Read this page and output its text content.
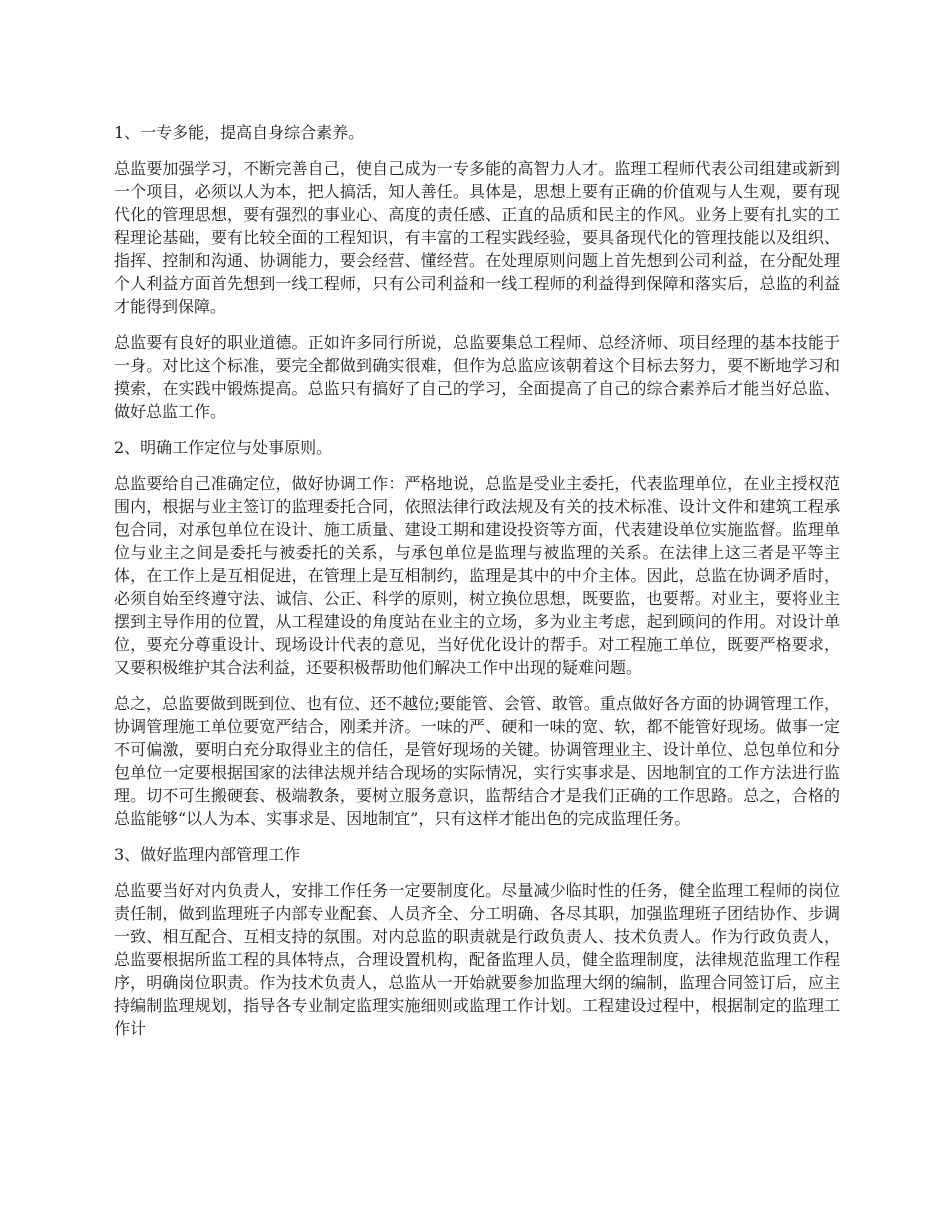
1、一专多能，提高自身综合素养。

总监要加强学习，不断完善自己，使自己成为一专多能的高智力人才。监理工程师代表公司组建或新到一个项目，必须以人为本，把人搞活，知人善任。具体是，思想上要有正确的价值观与人生观，要有现代化的管理思想，要有强烈的事业心、高度的责任感、正直的品质和民主的作风。业务上要有扎实的工程理论基础，要有比较全面的工程知识，有丰富的工程实践经验，要具备现代化的管理技能以及组织、指挥、控制和沟通、协调能力，要会经营、懂经营。在处理原则问题上首先想到公司利益，在分配处理个人利益方面首先想到一线工程师，只有公司利益和一线工程师的利益得到保障和落实后，总监的利益才能得到保障。

总监要有良好的职业道德。正如许多同行所说，总监要集总工程师、总经济师、项目经理的基本技能于一身。对比这个标准，要完全都做到确实很难，但作为总监应该朝着这个目标去努力，要不断地学习和摸索，在实践中锻炼提高。总监只有搞好了自己的学习，全面提高了自己的综合素养后才能当好总监、做好总监工作。

2、明确工作定位与处事原则。

总监要给自己准确定位，做好协调工作：严格地说，总监是受业主委托，代表监理单位，在业主授权范围内，根据与业主签订的监理委托合同，依照法律行政法规及有关的技术标准、设计文件和建筑工程承包合同，对承包单位在设计、施工质量、建设工期和建设投资等方面，代表建设单位实施监督。监理单位与业主之间是委托与被委托的关系，与承包单位是监理与被监理的关系。在法律上这三者是平等主体，在工作上是互相促进，在管理上是互相制约，监理是其中的中介主体。因此，总监在协调矛盾时，必须自始至终遵守法、诚信、公正、科学的原则，树立换位思想，既要监，也要帮。对业主，要将业主摆到主导作用的位置，从工程建设的角度站在业主的立场，多为业主考虑，起到顾问的作用。对设计单位，要充分尊重设计、现场设计代表的意见，当好优化设计的帮手。对工程施工单位，既要严格要求，又要积极维护其合法利益，还要积极帮助他们解决工作中出现的疑难问题。

总之，总监要做到既到位、也有位、还不越位;要能管、会管、敢管。重点做好各方面的协调管理工作，协调管理施工单位要宽严结合，刚柔并济。一味的严、硬和一味的宽、软，都不能管好现场。做事一定不可偏激，要明白充分取得业主的信任，是管好现场的关键。协调管理业主、设计单位、总包单位和分包单位一定要根据国家的法律法规并结合现场的实际情况，实行实事求是、因地制宜的工作方法进行监理。切不可生搬硬套、极端教条，要树立服务意识，监帮结合才是我们正确的工作思路。总之，合格的总监能够“以人为本、实事求是、因地制宜”，只有这样才能出色的完成监理任务。

3、做好监理内部管理工作

总监要当好对内负责人，安排工作任务一定要制度化。尽量减少临时性的任务，健全监理工程师的岗位责任制，做到监理班子内部专业配套、人员齐全、分工明确、各尽其职，加强监理班子团结协作、步调一致、相互配合、互相支持的氛围。对内总监的职责就是行政负责人、技术负责人。作为行政负责人，总监要根据所监工程的具体特点，合理设置机构，配备监理人员，健全监理制度，法律规范监理工作程序，明确岗位职责。作为技术负责人，总监从一开始就要参加监理大纲的编制，监理合同签订后，应主持编制监理规划，指导各专业制定监理实施细则或监理工作计划。工程建设过程中，根据制定的监理工作计
